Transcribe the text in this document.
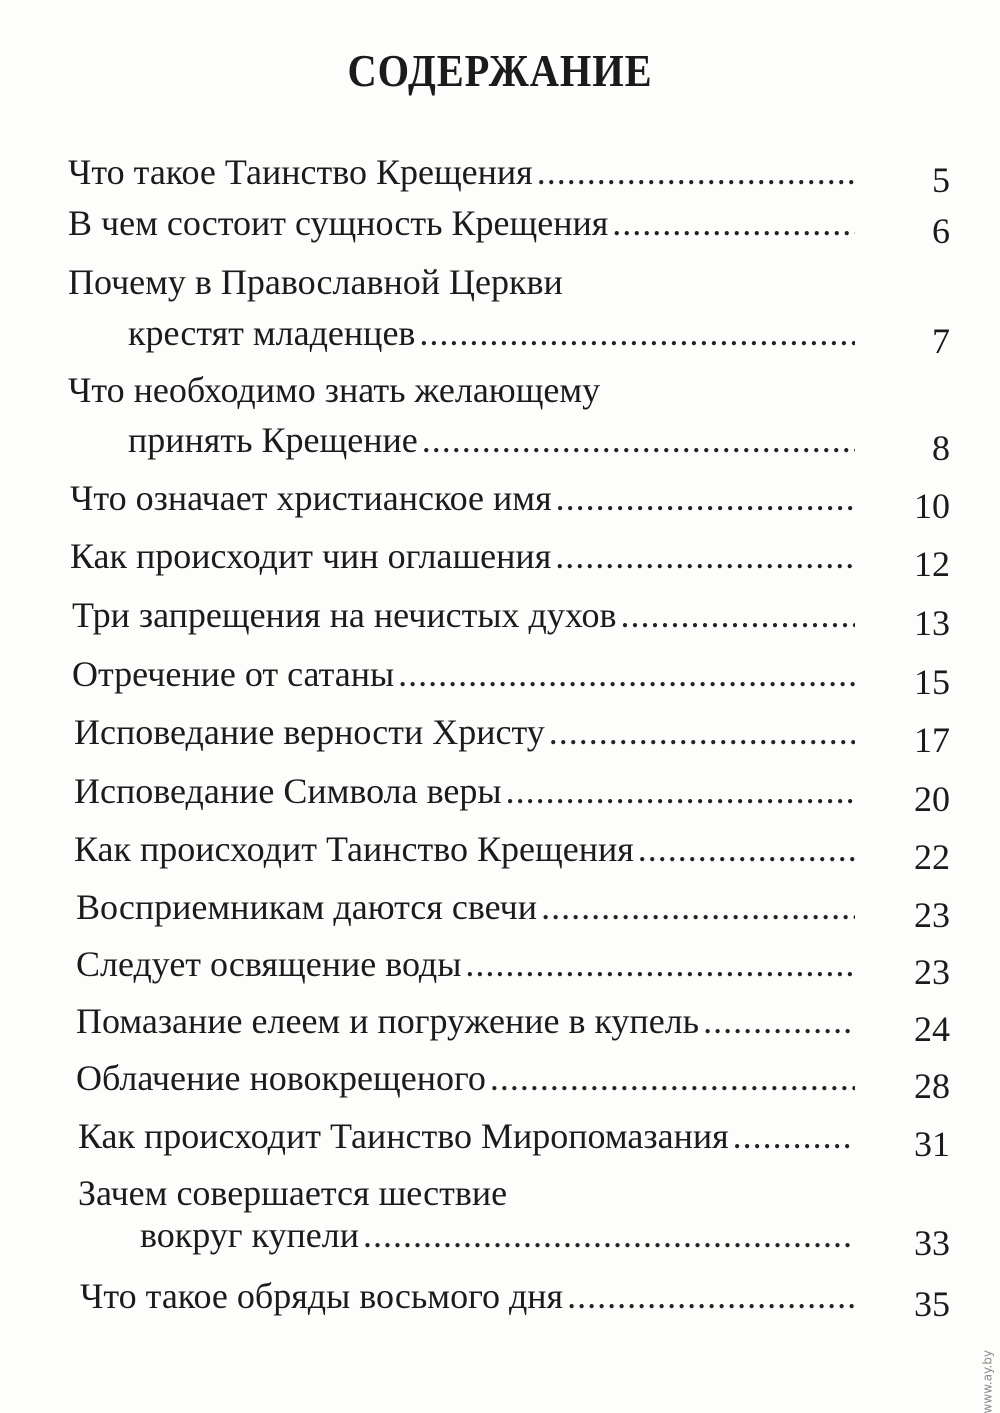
СОДЕРЖАНИЕ
5
Что такое Таинство Крещения
.....
6
В чем состоит сущность Крещения
.....
Почему в Православной Церкви
7
крестят младенцев
.....
Что необходимо знать желающему
8
принять Крещение
.....
10
Что означает христианское имя
.....
12
Как происходит чин оглашения
.....
13
Три запрещения на нечистых духов
.....
15
Отречение от сатаны
.....
17
Исповедание верности Христу
.....
20
Исповедание Символа веры
.....
22
Как происходит Таинство Крещения
.....
23
Восприемникам даются свечи
.....
23
Следует освящение воды
.....
24
Помазание елеем и погружение в купель
.....
28
Облачение новокрещеного
.....
31
Как происходит Таинство Миропомазания
.....
Зачем совершается шествие
33
вокруг купели
.....
35
Что такое обряды восьмого дня
.....
www.ay.by
